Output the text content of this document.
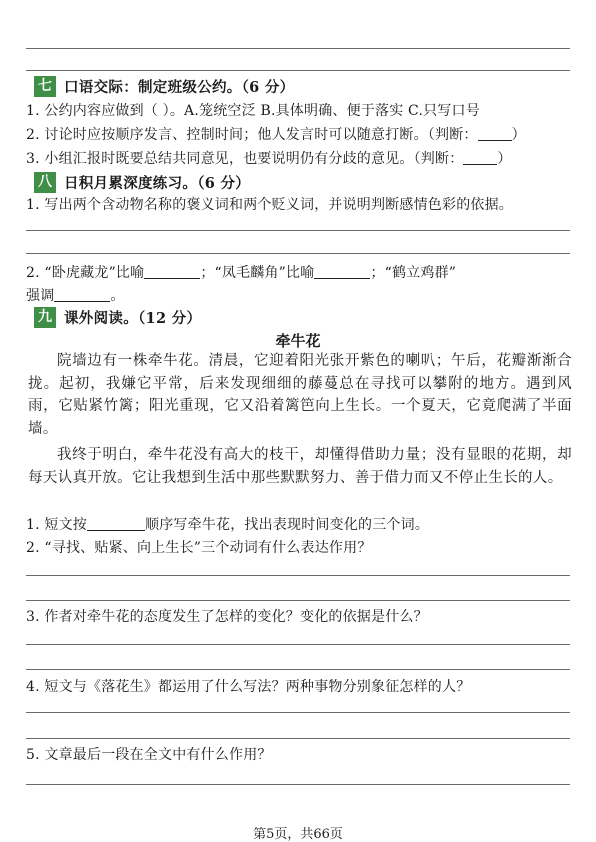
七 口语交际：制定班级公约。（6 分）
1. 公约内容应做到（ ）。A.笼统空泛 B.具体明确、便于落实 C.只写口号
2. 讨论时应按顺序发言、控制时间；他人发言时可以随意打断。（判断： ）
3. 小组汇报时既要总结共同意见，也要说明仍有分歧的意见。（判断： ）
八 日积月累深度练习。（6 分）
1. 写出两个含动物名称的褒义词和两个贬义词，并说明判断感情色彩的依据。
2. “卧虎藏龙”比喻	；“凤毛麟角”比喻	；“鹤立鸡群”
强调	。
九 课外阅读。（12 分）
牵牛花
院墙边有一株牵牛花。清晨，它迎着阳光张开紫色的喇叭；午后，花瓣渐渐合拢。起初，我嫌它平常，后来发现细细的藤蔓总在寻找可以攀附的地方。遇到风雨，它贴紧竹篱；阳光重现，它又沿着篱笆向上生长。一个夏天，它竟爬满了半面墙。
我终于明白，牵牛花没有高大的枝干，却懂得借助力量；没有显眼的花期，却每天认真开放。它让我想到生活中那些默默努力、善于借力而又不停止生长的人。
1. 短文按	顺序写牵牛花，找出表现时间变化的三个词。
2. “寻找、贴紧、向上生长”三个动词有什么表达作用？
3. 作者对牵牛花的态度发生了怎样的变化？变化的依据是什么？
4. 短文与《落花生》都运用了什么写法？两种事物分别象征怎样的人？
5. 文章最后一段在全文中有什么作用？
第5页，共66页
